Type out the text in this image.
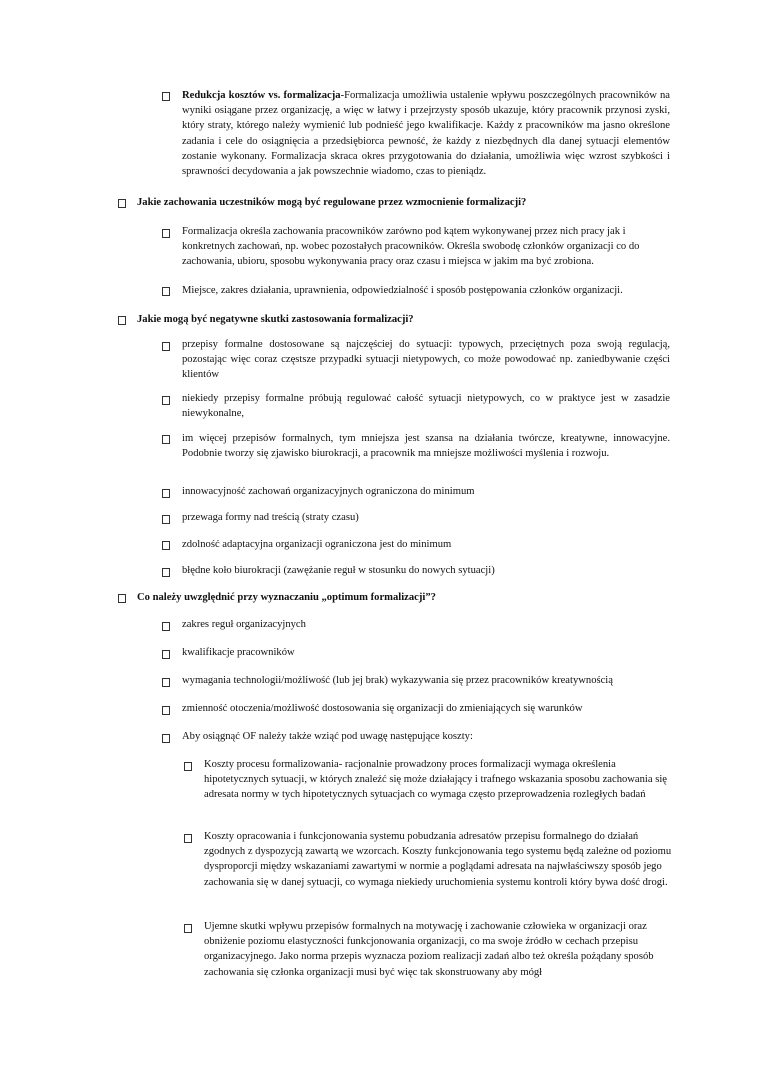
Redukcja kosztów vs. formalizacja-Formalizacja umożliwia ustalenie wpływu poszczególnych pracowników na wyniki osiągane przez organizację, a więc w łatwy i przejrzysty sposób ukazuje, który pracownik przynosi zyski, który straty, którego należy wymienić lub podnieść jego kwalifikacje. Każdy z pracowników ma jasno określone zadania i cele do osiągnięcia a przedsiębiorca pewność, że każdy z niezbędnych dla danej sytuacji elementów zostanie wykonany. Formalizacja skraca okres przygotowania do działania, umożliwia więc wzrost szybkości i sprawności decydowania a jak powszechnie wiadomo, czas to pieniądz.
Jakie zachowania uczestników mogą być regulowane przez wzmocnienie formalizacji?
Formalizacja określa zachowania pracowników zarówno pod kątem wykonywanej przez nich pracy jak i konkretnych zachowań, np. wobec pozostałych pracowników. Określa swobodę członków organizacji co do zachowania, ubioru, sposobu wykonywania pracy oraz czasu i miejsca w jakim ma być zrobiona.
Miejsce, zakres działania, uprawnienia, odpowiedzialność i sposób postępowania członków organizacji.
Jakie mogą być negatywne skutki zastosowania formalizacji?
przepisy formalne dostosowane są najczęściej do sytuacji: typowych, przeciętnych poza swoją regulacją, pozostając więc coraz częstsze przypadki sytuacji nietypowych, co może powodować np. zaniedbywanie części klientów
niekiedy przepisy formalne próbują regulować całość sytuacji nietypowych, co w praktyce jest w zasadzie niewykonalne,
im więcej przepisów formalnych, tym mniejsza jest szansa na działania twórcze, kreatywne, innowacyjne. Podobnie tworzy się zjawisko biurokracji, a pracownik ma mniejsze możliwości myślenia i rozwoju.
innowacyjność zachowań organizacyjnych ograniczona do minimum
przewaga formy nad treścią (straty czasu)
zdolność adaptacyjna organizacji ograniczona jest do minimum
błędne koło biurokracji (zawężanie reguł w stosunku do nowych sytuacji)
Co należy uwzględnić przy wyznaczaniu „optimum formalizacji”?
zakres reguł organizacyjnych
kwalifikacje pracowników
wymagania technologii/możliwość (lub jej brak) wykazywania się przez pracowników kreatywnością
zmienność otoczenia/możliwość dostosowania się organizacji do zmieniających się warunków
Aby osiągnąć OF należy także wziąć pod uwagę następujące koszty:
Koszty procesu formalizowania- racjonalnie prowadzony proces formalizacji wymaga określenia hipotetycznych sytuacji, w których znaleźć się może działający i trafnego wskazania sposobu zachowania się adresata normy w tych hipotetycznych sytuacjach co wymaga często przeprowadzenia rozległych badań
Koszty opracowania i funkcjonowania systemu pobudzania adresatów przepisu formalnego do działań zgodnych z dyspozycją zawartą we wzorcach. Koszty funkcjonowania tego systemu będą zależne od poziomu dysproporcji między wskazaniami zawartymi w normie a poglądami adresata na najwłaściwszy sposób jego zachowania się w danej sytuacji, co wymaga niekiedy uruchomienia systemu kontroli który bywa dość drogi.
Ujemne skutki wpływu przepisów formalnych na motywację i zachowanie człowieka w organizacji oraz obniżenie poziomu elastyczności funkcjonowania organizacji, co ma swoje źródło w cechach przepisu organizacyjnego. Jako norma przepis wyznacza poziom realizacji zadań albo też określa pożądany sposób zachowania się członka organizacji musi być więc tak skonstruowany aby mógł
